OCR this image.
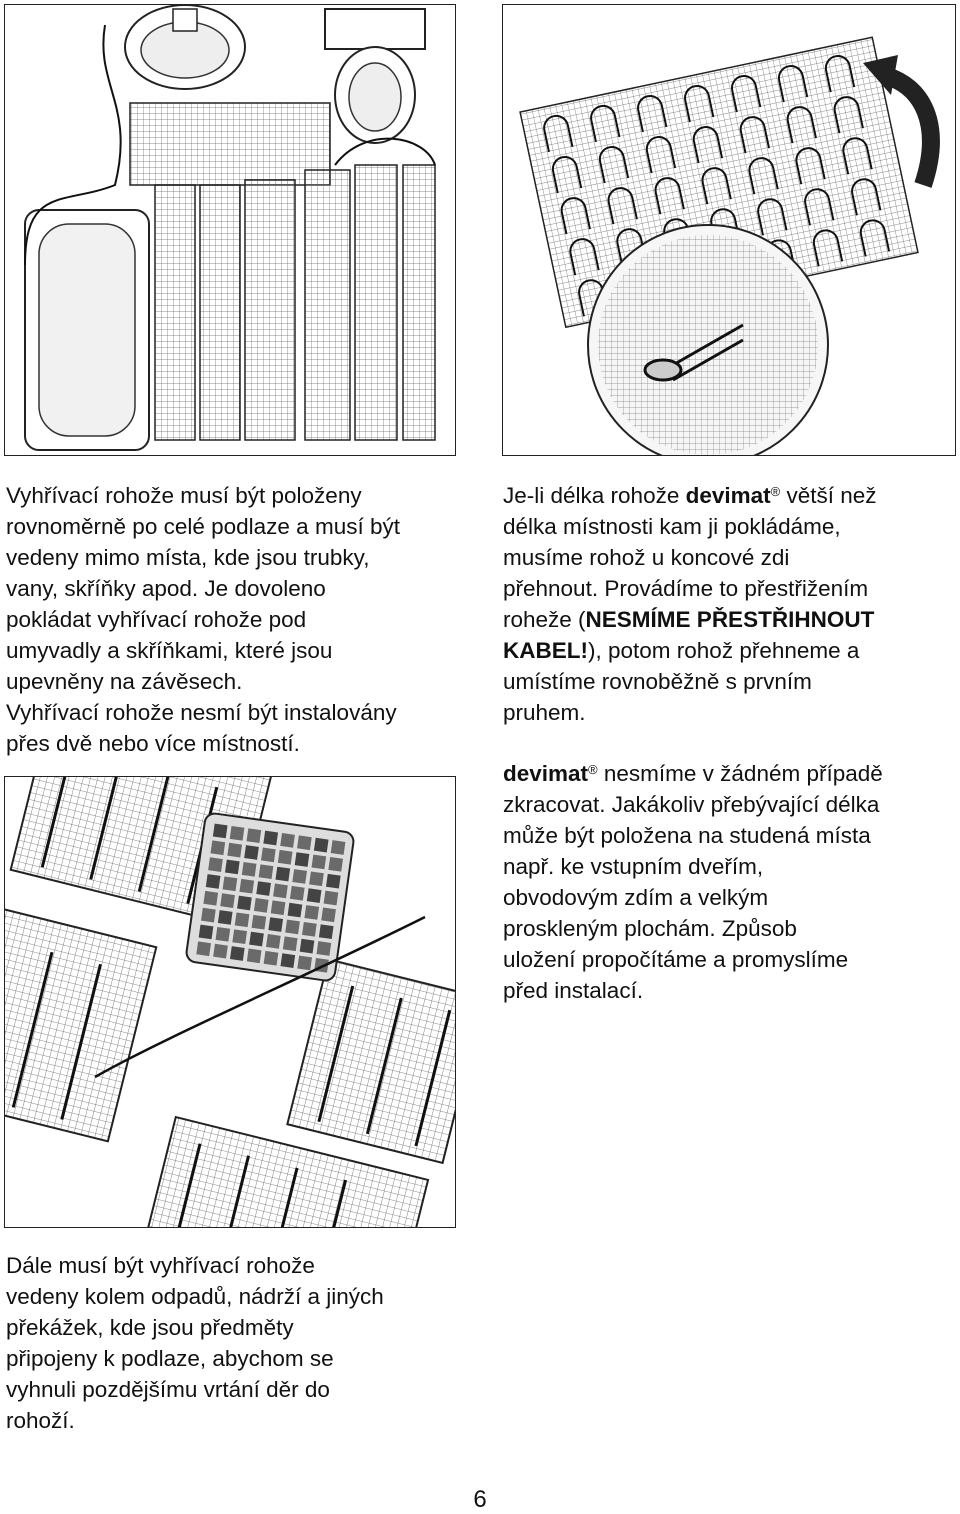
Vyhřívací rohože musí být položeny

rovnoměrně po celé podlaze a musí být

vedeny mimo místa, kde jsou trubky,

vany, skříňky apod. Je dovoleno

pokládat vyhřívací rohože pod

umyvadly a skříňkami, které jsou

upevněny na závěsech.

Vyhřívací rohože nesmí být instalovány

přes dvě nebo více místností.

Je-li délka rohože devimat® větší než

délka místnosti kam ji pokládáme,

musíme rohož u koncové zdi

přehnout. Provádíme to přestřižením

roheže (NESMÍME PŘESTŘIHNOUT

KABEL!), potom rohož přehneme a

umístíme rovnoběžně s prvním

pruhem.

devimat® nesmíme v žádném případě

zkracovat. Jakákoliv přebývající délka

může být položena na studená místa

např. ke vstupním dveřím,

obvodovým zdím a velkým

proskleným plochám. Způsob

uložení propočítáme a promyslíme

před instalací.

Dále musí být vyhřívací rohože

vedeny kolem odpadů, nádrží a jiných

překážek, kde jsou předměty

připojeny k podlaze, abychom se

vyhnuli pozdějšímu vrtání děr do

rohoží.

6
